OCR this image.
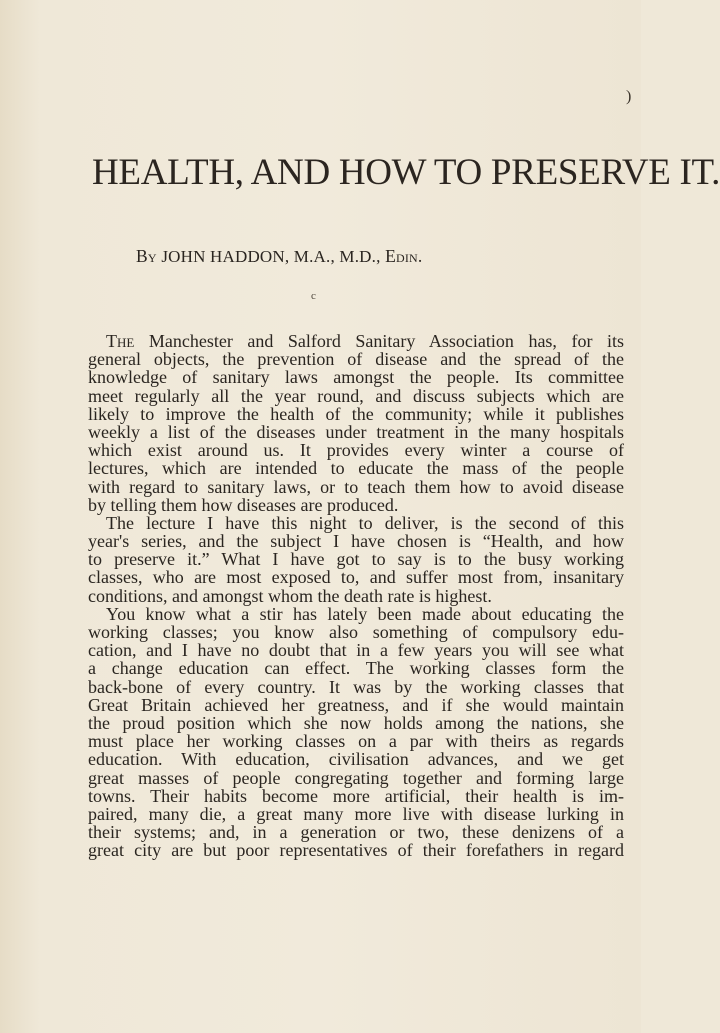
)
HEALTH, AND HOW TO PRESERVE IT.
By JOHN HADDON, M.A., M.D., Edin.
c
The Manchester and Salford Sanitary Association has, for its
general objects, the prevention of disease and the spread of the
knowledge of sanitary laws amongst the people. Its committee
meet regularly all the year round, and discuss subjects which are
likely to improve the health of the community; while it publishes
weekly a list of the diseases under treatment in the many hospitals
which exist around us. It provides every winter a course of
lectures, which are intended to educate the mass of the people
with regard to sanitary laws, or to teach them how to avoid disease
by telling them how diseases are produced.
The lecture I have this night to deliver, is the second of this
year's series, and the subject I have chosen is “Health, and how
to preserve it.” What I have got to say is to the busy working
classes, who are most exposed to, and suffer most from, insanitary
conditions, and amongst whom the death rate is highest.
You know what a stir has lately been made about educating the
working classes; you know also something of compulsory edu-
cation, and I have no doubt that in a few years you will see what
a change education can effect. The working classes form the
back-bone of every country. It was by the working classes that
Great Britain achieved her greatness, and if she would maintain
the proud position which she now holds among the nations, she
must place her working classes on a par with theirs as regards
education. With education, civilisation advances, and we get
great masses of people congregating together and forming large
towns. Their habits become more artificial, their health is im-
paired, many die, a great many more live with disease lurking in
their systems; and, in a generation or two, these denizens of a
great city are but poor representatives of their forefathers in regard
